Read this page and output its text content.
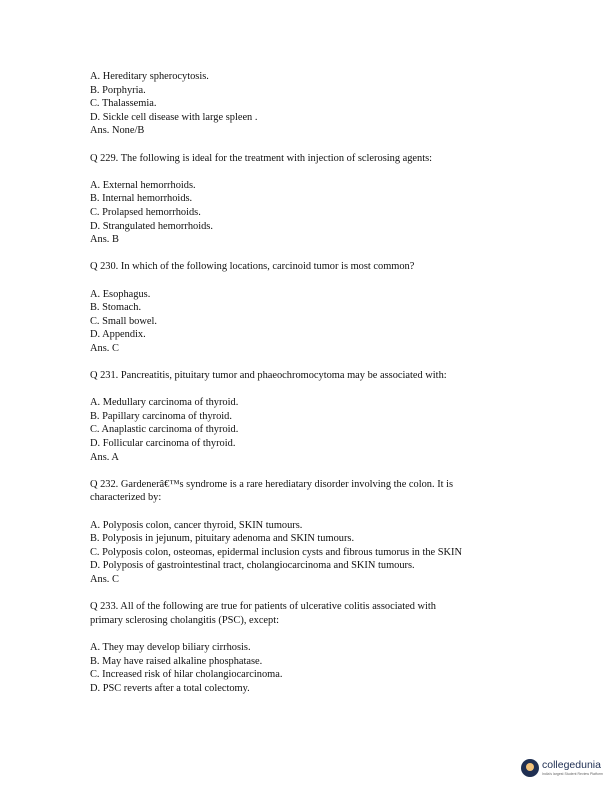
A. Hereditary spherocytosis.
B. Porphyria.
C. Thalassemia.
D. Sickle cell disease with large spleen .
Ans. None/B
Q 229. The following is ideal for the treatment with injection of sclerosing agents:
A. External hemorrhoids.
B. Internal hemorrhoids.
C. Prolapsed hemorrhoids.
D. Strangulated hemorrhoids.
Ans. B
Q 230. In which of the following locations, carcinoid tumor is most common?
A. Esophagus.
B. Stomach.
C. Small bowel.
D. Appendix.
Ans. C
Q 231. Pancreatitis, pituitary tumor and phaeochromocytoma may be associated with:
A. Medullary carcinoma of thyroid.
B. Papillary carcinoma of thyroid.
C. Anaplastic carcinoma of thyroid.
D. Follicular carcinoma of thyroid.
Ans. A
Q 232. Gardenerâ€™s syndrome is a rare herediatary disorder involving the colon. It is
characterized by:
A. Polyposis colon, cancer thyroid, SKIN tumours.
B. Polyposis in jejunum, pituitary adenoma and SKIN tumours.
C. Polyposis colon, osteomas, epidermal inclusion cysts and fibrous tumorus in the SKIN
D. Polyposis of gastrointestinal tract, cholangiocarcinoma and SKIN tumours.
Ans. C
Q 233. All of the following are true for patients of ulcerative colitis associated with
primary sclerosing cholangitis (PSC), except:
A. They may develop biliary cirrhosis.
B. May have raised alkaline phosphatase.
C. Increased risk of hilar cholangiocarcinoma.
D. PSC reverts after a total colectomy.
collegedunia
India's largest Student Review Platform
